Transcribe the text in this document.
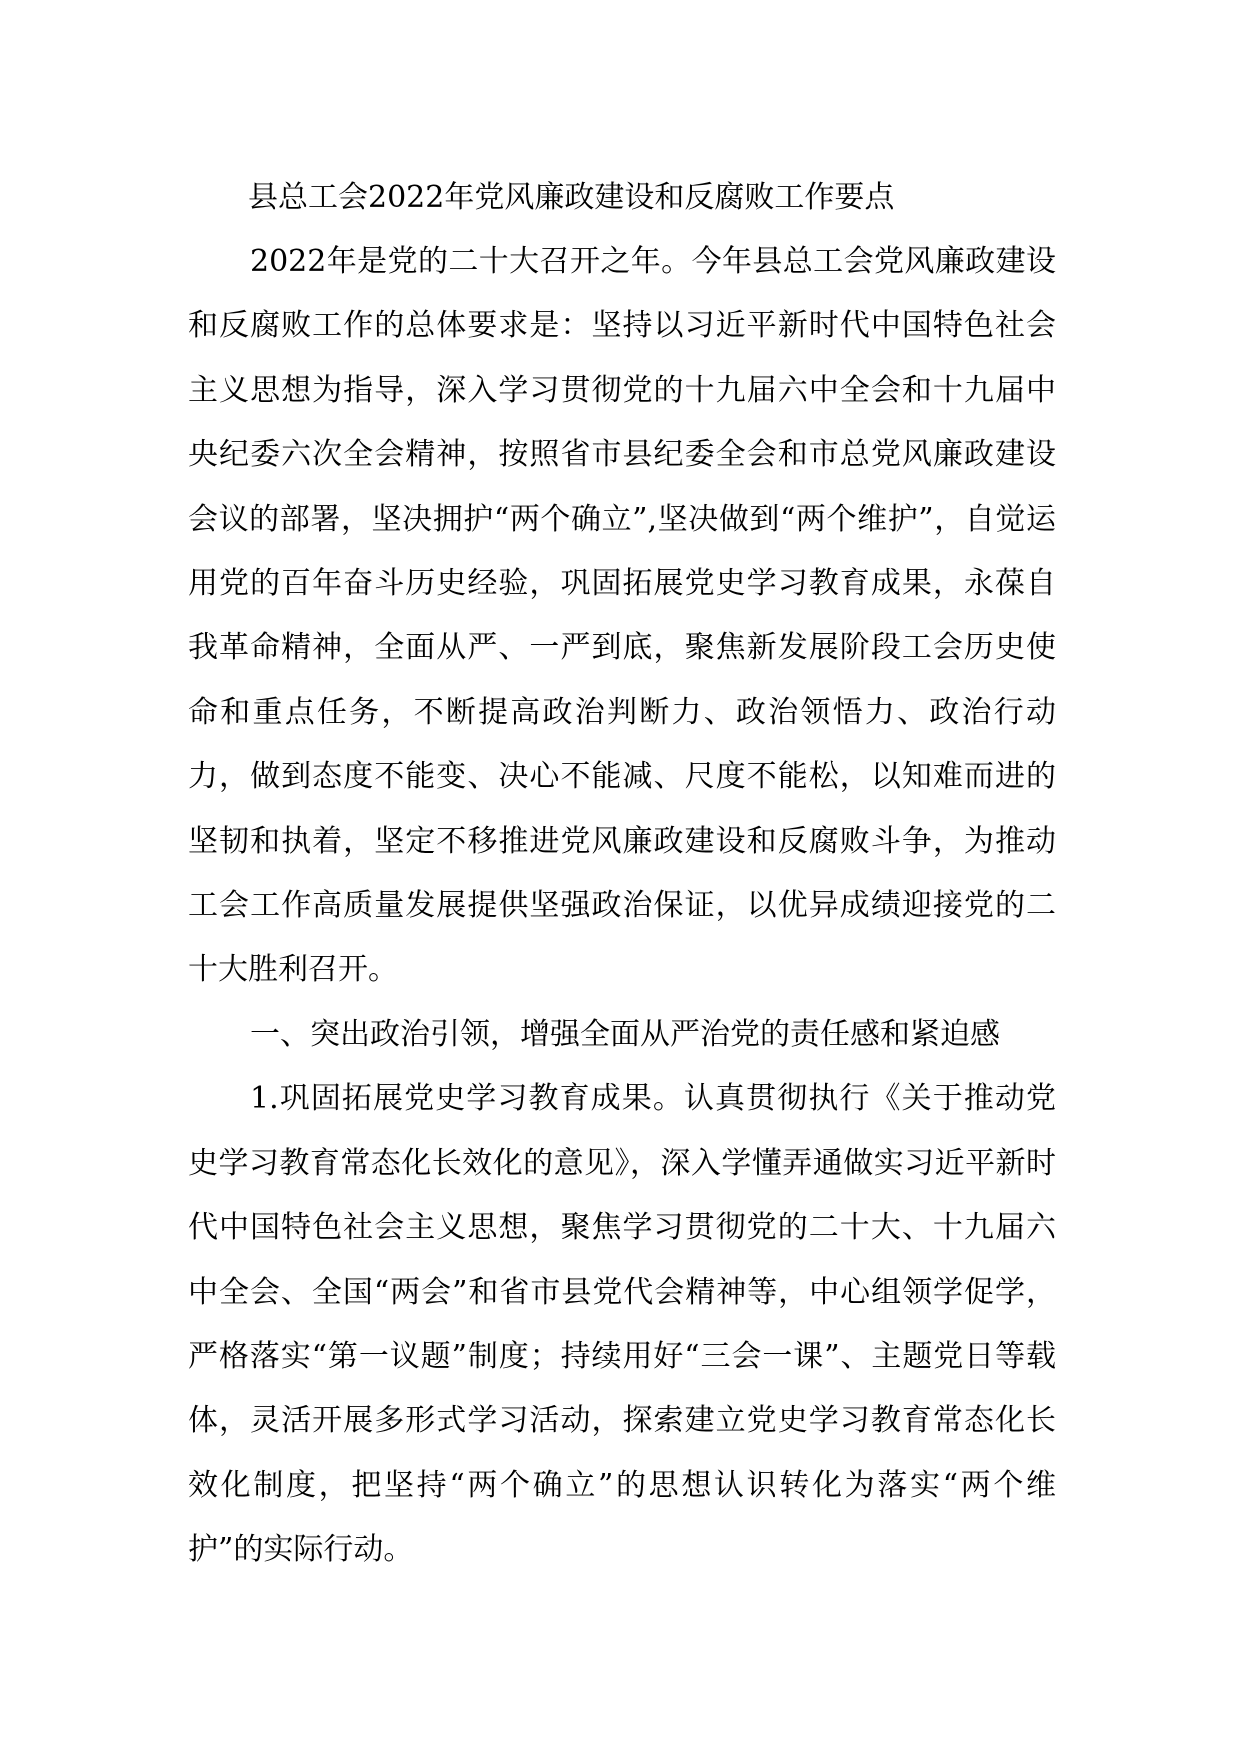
县总工会2022年党风廉政建设和反腐败工作要点

2022年是党的二十大召开之年。今年县总工会党风廉政建设和反腐败工作的总体要求是：坚持以习近平新时代中国特色社会主义思想为指导，深入学习贯彻党的十九届六中全会和十九届中央纪委六次全会精神，按照省市县纪委全会和市总党风廉政建设会议的部署，坚决拥护“两个确立”,坚决做到“两个维护”，自觉运用党的百年奋斗历史经验，巩固拓展党史学习教育成果，永葆自我革命精神，全面从严、一严到底，聚焦新发展阶段工会历史使命和重点任务，不断提高政治判断力、政治领悟力、政治行动力，做到态度不能变、决心不能减、尺度不能松，以知难而进的坚韧和执着，坚定不移推进党风廉政建设和反腐败斗争，为推动工会工作高质量发展提供坚强政治保证，以优异成绩迎接党的二十大胜利召开。

一、突出政治引领，增强全面从严治党的责任感和紧迫感

1.巩固拓展党史学习教育成果。认真贯彻执行《关于推动党史学习教育常态化长效化的意见》，深入学懂弄通做实习近平新时代中国特色社会主义思想，聚焦学习贯彻党的二十大、十九届六中全会、全国“两会”和省市县党代会精神等，中心组领学促学，严格落实“第一议题”制度；持续用好“三会一课”、主题党日等载体，灵活开展多形式学习活动，探索建立党史学习教育常态化长效化制度，把坚持“两个确立”的思想认识转化为落实“两个维护”的实际行动。
